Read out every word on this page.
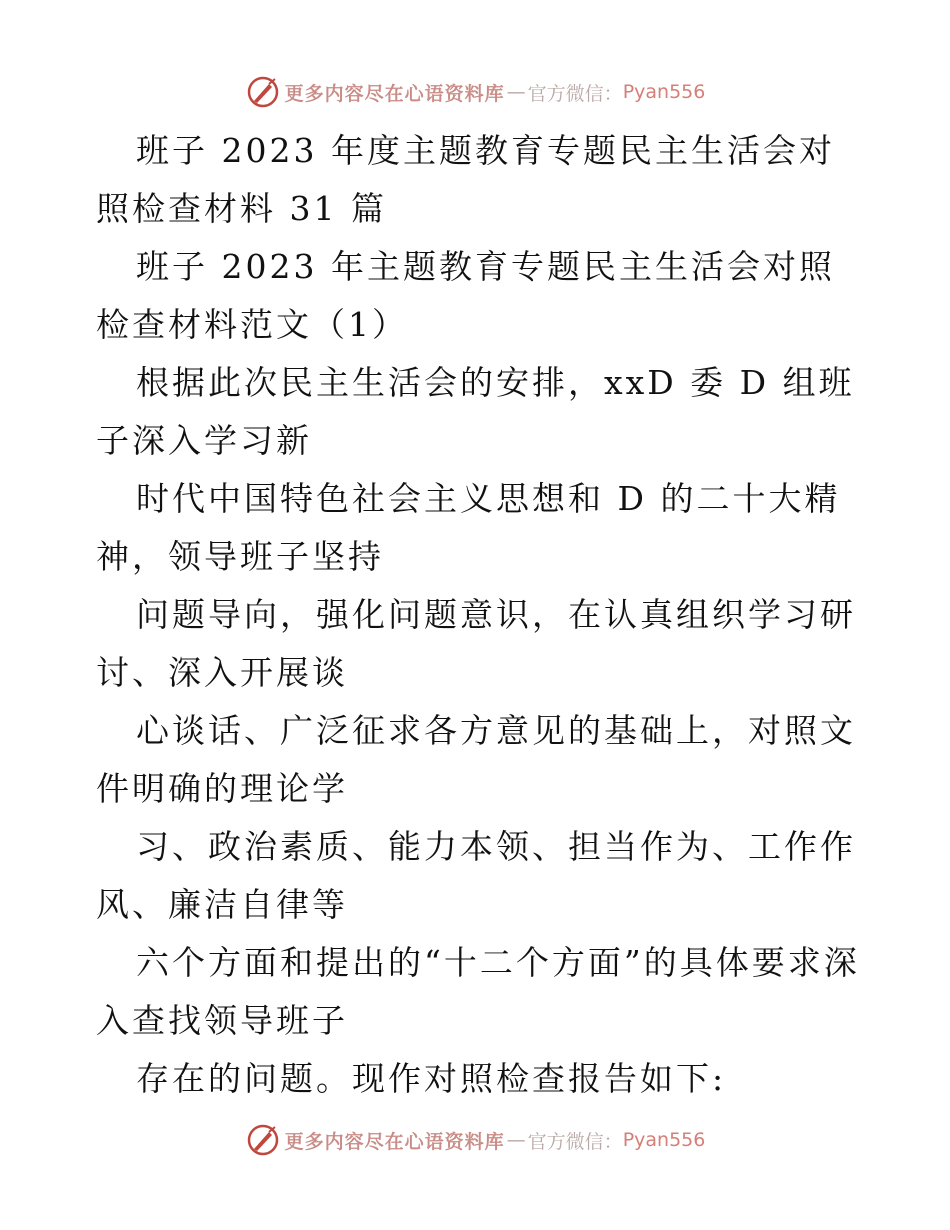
更多内容尽在心语资料库 — 官方微信： Pyan556

班子 2023 年度主题教育专题民主生活会对照检查材料 31 篇

班子 2023 年主题教育专题民主生活会对照检查材料范文（1）

根据此次民主生活会的安排，xxD 委 D 组班子深入学习新

时代中国特色社会主义思想和 D 的二十大精神，领导班子坚持

问题导向，强化问题意识，在认真组织学习研讨、深入开展谈

心谈话、广泛征求各方意见的基础上，对照文件明确的理论学

习、政治素质、能力本领、担当作为、工作作风、廉洁自律等

六个方面和提出的“十二个方面”的具体要求深入查找领导班子

存在的问题。现作对照检查报告如下:

更多内容尽在心语资料库 — 官方微信： Pyan556
